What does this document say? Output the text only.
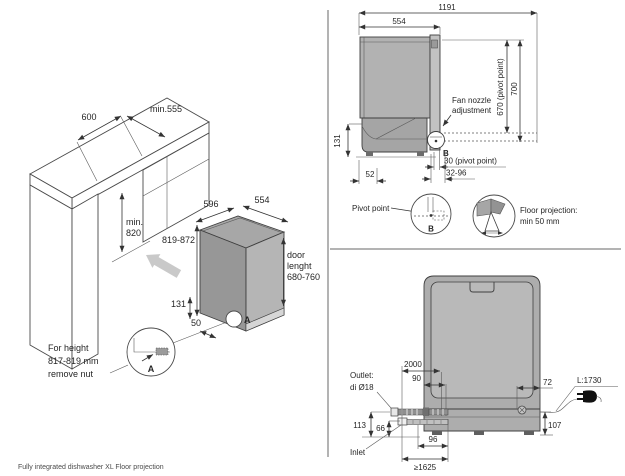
600
min.555
min.
820
596	554
819-872
door
lenght
680-760
131
50	A
A
For height
817-819 mm
remove nut
B
1191
554
670 (pivot point) 700
131
52
30 (pivot point)
32-96
Fan nozzle
adjustment
Pivot point
B
Floor projection:
min 50 mm
2000
90	72	L:1730
113 66
96
107
≥1625
Outlet:
di Ø18
Inlet
Fully integrated dishwasher XL Floor projection
